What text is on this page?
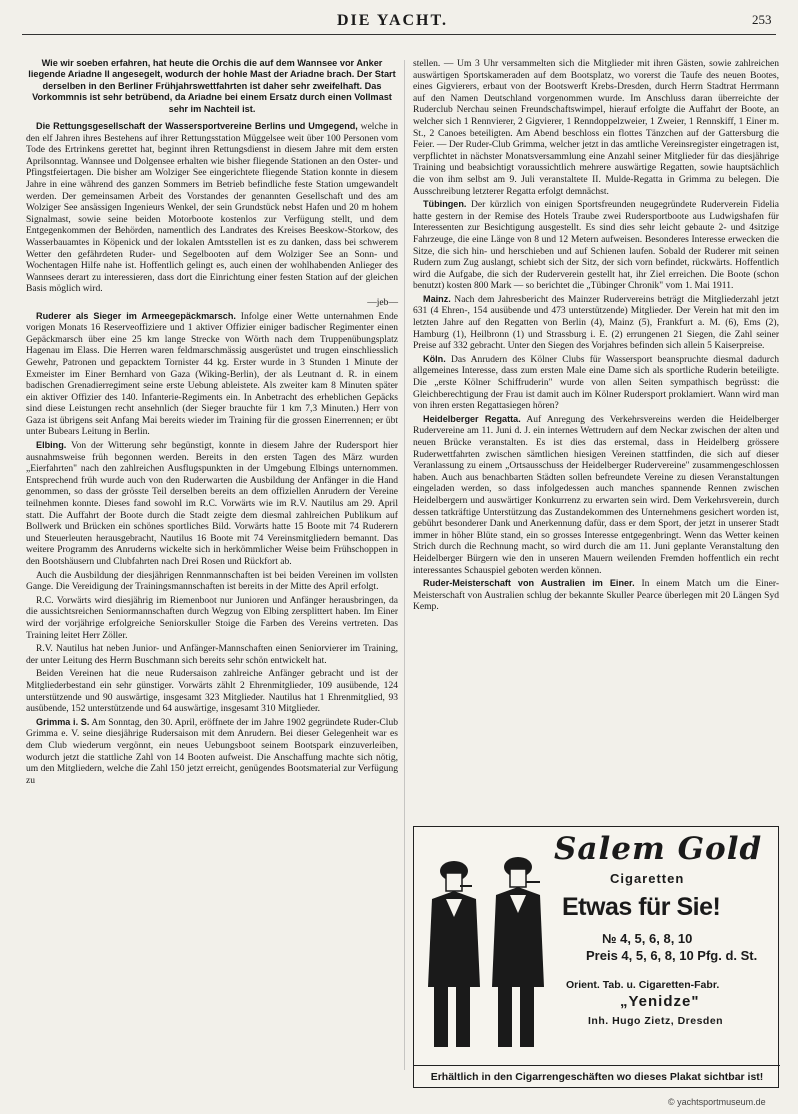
DIE YACHT.	253

Wie wir soeben erfahren, hat heute die Orchis die auf dem Wannsee vor Anker liegende Ariadne II angesegelt, wodurch der hohle Mast der Ariadne brach. Der Start derselben in den Berliner Frühjahrswettfahrten ist daher sehr zweifelhaft. Das Vorkommnis ist sehr betrübend, da Ariadne bei einem Ersatz durch einen Vollmast sehr im Nachteil ist.

Die Rettungsgesellschaft der Wassersportvereine Berlins und Umgegend, welche in den elf Jahren ihres Bestehens auf ihrer Rettungsstation Müggelsee weit über 100 Personen vom Tode des Ertrinkens gerettet hat, beginnt ihren Rettungsdienst in diesem Jahre mit dem ersten Aprilsonntag. Wannsee und Dolgensee erhalten wie bisher fliegende Stationen an den Oster- und Pfingstfeiertagen. Die bisher am Wolziger See eingerichtete fliegende Station konnte in diesem Jahre in eine während des ganzen Sommers im Betrieb befindliche feste Station umgewandelt werden. Der gemeinsamen Arbeit des Vorstandes der genannten Gesellschaft und des am Wolziger See ansässigen Ingenieurs Wenkel, der sein Grundstück nebst Hafen und 20 m hohem Signalmast, sowie seine beiden Motorboote kostenlos zur Verfügung stellt, und dem Entgegenkommen der Behörden, namentlich des Landrates des Kreises Beeskow-Storkow, des Wasserbauamtes in Köpenick und der lokalen Amtsstellen ist es zu danken, dass bei schwerem Wetter den gefährdeten Ruder- und Segelbooten auf dem Wolziger See an Sonn- und Wochentagen Hilfe nahe ist. Hoffentlich gelingt es, auch einen der wohlhabenden Anlieger des Wannsees derart zu interessieren, dass dort die Einrichtung einer festen Station auf der gleichen Basis möglich wird.

—jeb—

Ruderer als Sieger im Armeegepäckmarsch. Infolge einer Wette unternahmen Ende vorigen Monats 16 Reserveoffiziere und 1 aktiver Offizier einiger badischer Regimenter einen Gepäckmarsch über eine 25 km lange Strecke von Wörth nach dem Truppenübungsplatz Hagenau im Elass. Die Herren waren feldmarschmässig ausgerüstet und trugen einschliesslich Gewehr, Patronen und gepacktem Tornister 44 kg. Erster wurde in 3 Stunden 1 Minute der Exmeister im Einer Bernhard von Gaza (Wiking-Berlin), der als Leutnant d. R. in einem badischen Grenadierregiment seine erste Uebung ableistete. Als zweiter kam 8 Minuten später ein aktiver Offizier des 140. Infanterie-Regiments ein. In Anbetracht des erheblichen Gepäcks sind diese Leistungen recht ansehnlich (der Sieger brauchte für 1 km 7,3 Minuten.) Herr von Gaza ist übrigens seit Anfang Mai bereits wieder im Training für die grossen Einerrennen; er übt unter Bubears Leitung in Berlin.

Elbing. Von der Witterung sehr begünstigt, konnte in diesem Jahre der Rudersport hier ausnahmsweise früh begonnen werden. Bereits in den ersten Tagen des März wurden „Eierfahrten" nach den zahlreichen Ausflugspunkten in der Umgebung Elbings unternommen. Entsprechend früh wurde auch von den Ruderwarten die Ausbildung der Anfänger in die Hand genommen, so dass der grösste Teil derselben bereits an dem offiziellen Anrudern der Vereine teilnehmen konnte. Dieses fand sowohl im R.C. Vorwärts wie im R.V. Nautilus am 29. April statt. Die Auffahrt der Boote durch die Stadt zeigte dem diesmal zahlreichen Publikum auf Bollwerk und Brücken ein schönes sportliches Bild. Vorwärts hatte 15 Boote mit 74 Ruderern und Steuerleuten herausgebracht, Nautilus 16 Boote mit 74 Vereinsmitgliedern bemannt. Das weitere Programm des Anruderns wickelte sich in herkömmlicher Weise beim Frühschoppen in den Bootshäusern und Clubfahrten nach Drei Rosen und Rückfort ab.

Auch die Ausbildung der diesjährigen Rennmannschaften ist bei beiden Vereinen im vollsten Gange. Die Vereidigung der Trainingsmannschaften ist bereits in der Mitte des April erfolgt.

R.C. Vorwärts wird diesjährig im Riemenboot nur Junioren und Anfänger herausbringen, da die aussichtsreichen Seniormannschaften durch Wegzug von Elbing zersplittert haben. Im Einer wird der vorjährige erfolgreiche Seniorskuller Stoige die Farben des Vereins vertreten. Das Training leitet Herr Zöller.

R.V. Nautilus hat neben Junior- und Anfänger-Mannschaften einen Seniorvierer im Training, der unter Leitung des Herrn Buschmann sich bereits sehr schön entwickelt hat.

Beiden Vereinen hat die neue Rudersaison zahlreiche Anfänger gebracht und ist der Mitgliederbestand ein sehr günstiger. Vorwärts zählt 2 Ehrenmitglieder, 109 ausübende, 124 unterstützende und 90 auswärtige, insgesamt 323 Mitglieder. Nautilus hat 1 Ehrenmitglied, 93 ausübende, 152 unterstützende und 64 auswärtige, insgesamt 310 Mitglieder.

Grimma i. S. Am Sonntag, den 30. April, eröffnete der im Jahre 1902 gegründete Ruder-Club Grimma e. V. seine diesjährige Rudersaison mit dem Anrudern. Bei dieser Gelegenheit war es dem Club wiederum vergönnt, ein neues Uebungsboot seinem Bootspark einzuverleiben, wodurch jetzt die stattliche Zahl von 14 Booten aufweist. Die Anschaffung machte sich nötig, um den Mitgliedern, welche die Zahl 150 jetzt erreicht, genügendes Bootsmaterial zur Verfügung zu

stellen. — Um 3 Uhr versammelten sich die Mitglieder mit ihren Gästen, sowie zahlreichen auswärtigen Sportskameraden auf dem Bootsplatz, wo vorerst die Taufe des neuen Bootes, eines Gigvierers, erbaut von der Bootswerft Krebs-Dresden, durch Herrn Stadtrat Herrmann auf den Namen Deutschland vorgenommen wurde. Im Anschluss daran überreichte der Ruderclub Nerchau seinen Freundschaftswimpel, hierauf erfolgte die Auffahrt der Boote, an welcher sich 1 Rennvierer, 2 Gigvierer, 1 Renndoppelzweier, 1 Zweier, 1 Rennskiff, 1 Einer m. St., 2 Canoes beteiligten. Am Abend beschloss ein flottes Tänzchen auf der Gattersburg die Feier. — Der Ruder-Club Grimma, welcher jetzt in das amtliche Vereinsregister eingetragen ist, verpflichtet in nächster Monatsversammlung eine Anzahl seiner Mitglieder für das diesjährige Training und beabsichtigt voraussichtlich mehrere auswärtige Regatten, sowie hauptsächlich die von ihm selbst am 9. Juli veranstaltete II. Mulde-Regatta in Grimma zu belegen. Die Ausschreibung letzterer Regatta erfolgt demnächst.

Tübingen. Der kürzlich von einigen Sportsfreunden neugegründete Ruderverein Fidelia hatte gestern in der Remise des Hotels Traube zwei Rudersportboote aus Ludwigshafen für Interessenten zur Besichtigung ausgestellt. Es sind dies sehr leicht gebaute 2- und 4sitzige Fahrzeuge, die eine Länge von 8 und 12 Metern aufweisen. Besonderes Interesse erwecken die Sitze, die sich hin- und herschieben und auf Schienen laufen. Sobald der Ruderer mit seinen Rudern zum Zug auslangt, schiebt sich der Sitz, der sich vorn befindet, rückwärts. Hoffentlich wird die Aufgabe, die sich der Ruderverein gestellt hat, ihr Ziel erreichen. Die Boote (schon benutzt) kosten 800 Mark — so berichtet die „Tübinger Chronik" vom 1. Mai 1911.

Mainz. Nach dem Jahresbericht des Mainzer Rudervereins beträgt die Mitgliederzahl jetzt 631 (4 Ehren-, 154 ausübende und 473 unterstützende) Mitglieder. Der Verein hat mit den im letzten Jahre auf den Regatten von Berlin (4), Mainz (5), Frankfurt a. M. (6), Ems (2), Hamburg (1), Heilbronn (1) und Strassburg i. E. (2) errungenen 21 Siegen, die Zahl seiner Preise auf 332 gebracht. Unter den Siegen des Vorjahres befinden sich allein 5 Kaiserpreise.

Köln. Das Anrudern des Kölner Clubs für Wassersport beanspruchte diesmal dadurch allgemeines Interesse, dass zum ersten Male eine Dame sich als sportliche Ruderin beteiligte. Die „erste Kölner Schiffruderin" wurde von allen Seiten sympathisch begrüsst: die Gleichberechtigung der Frau ist damit auch im Kölner Rudersport proklamiert. Wann wird man von ihren ersten Regattasiegen hören?

Heidelberger Regatta. Auf Anregung des Verkehrsvereins werden die Heidelberger Rudervereine am 11. Juni d. J. ein internes Wettrudern auf dem Neckar zwischen der alten und neuen Brücke veranstalten. Es ist dies das erstemal, dass in Heidelberg grössere Ruderwettfahrten zwischen sämtlichen hiesigen Vereinen stattfinden, die sich auf dieser Veranlassung zu einem „Ortsausschuss der Heidelberger Rudervereine" zusammengeschlossen haben. Auch aus benachbarten Städten sollen befreundete Vereine zu diesen Veranstaltungen eingeladen werden, so dass infolgedessen auch manches spannende Rennen zwischen Heidelbergern und auswärtiger Konkurrenz zu erwarten sein wird. Dem Verkehrsverein, durch dessen tatkräftige Unterstützung das Zustandekommen des Unternehmens gesichert worden ist, gebührt besonderer Dank und Anerkennung dafür, dass er dem Sport, der jetzt in unserer Stadt immer in höher Blüte stand, ein so grosses Interesse entgegenbringt. Wenn das Wetter keinen Strich durch die Rechnung macht, so wird durch die am 11. Juni geplante Veranstaltung den Heidelberger Bürgern wie den in unseren Mauern weilenden Fremden hoffentlich ein recht interessantes Schauspiel geboten werden können.

Ruder-Meisterschaft von Australien im Einer. In einem Match um die Einer-Meisterschaft von Australien schlug der bekannte Skuller Pearce überlegen mit 20 Längen Syd Kemp.

Salem Gold
Cigaretten
Etwas für Sie!
№ 4, 5, 6, 8, 10
Preis 4, 5, 6, 8, 10 Pfg. d. St.
Orient. Tab. u. Cigaretten-Fabr.
„Yenidze"
Inh. Hugo Zietz, Dresden
Erhältlich in den Cigarrengeschäften wo dieses Plakat sichtbar ist!
© yachtsportmuseum.de
